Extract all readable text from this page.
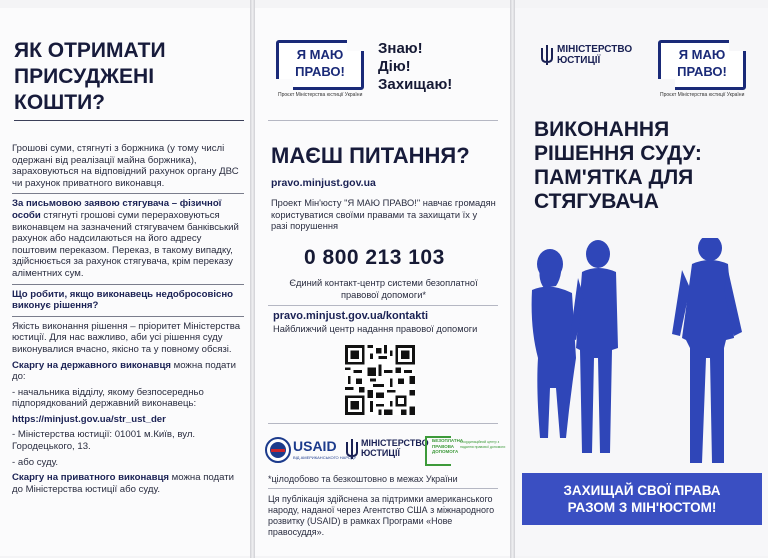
ЯК ОТРИМАТИ ПРИСУДЖЕНІ КОШТИ?

Грошові суми, стягнуті з боржника (у тому числі одержані від реалізації майна боржника), зараховуються на відповідний рахунок органу ДВС чи рахунок приватного виконавця.

За письмовою заявою стягувача – фізичної особи стягнуті грошові суми перераховуються виконавцем на зазначений стягувачем банківський рахунок або надсилаються на його адресу поштовим переказом. Переказ, в такому випадку, здійснюється за рахунок стягувача, крім переказу аліментних сум.

Що робити, якщо виконавець недобросовісно виконує рішення?

Якість виконання рішення – пріоритет Міністерства юстиції. Для нас важливо, аби усі рішення суду виконувалися вчасно, якісно та у повному обсязі.

Скаргу на державного виконавця можна подати до:

- начальника відділу, якому безпосередньо підпорядкований державний виконавець:

https://minjust.gov.ua/str_ust_der

- Міністерства юстиції: 01001 м.Київ, вул. Городецького, 13.

- або суду.

Скаргу на приватного виконавця можна подати до Міністерства юстиції або суду.

Я МАЮ
ПРАВО!
Проєкт Міністерства юстиції України
Знаю!
Дію!
Захищаю!
МАЄШ ПИТАННЯ?
pravo.minjust.gov.ua
Проект Мін'юсту "Я МАЮ ПРАВО!" навчає громадян користуватися своїми правами та захищати їх у разі порушення
0 800 213 103
Єдиний контакт-центр системи безоплатної правової допомоги*
pravo.minjust.gov.ua/kontakti
Найближчий центр надання правової допомоги
USAID
ВІД АМЕРИКАНСЬКОГО НАРОДУ
МІНІСТЕРСТВО
ЮСТИЦІЇ
БЕЗОПЛАТНА
ПРАВОВА
ДОПОМОГА
Координаційний центр з надання правової допомоги
*цілодобово та безкоштовно в межах України
Ця публікація здійснена за підтримки американського народу, наданої через Агентство США з міжнародного розвитку (USAID) в рамках Програми «Нове правосуддя».
МІНІСТЕРСТВО
ЮСТИЦІЇ	Я МАЮ
ПРАВО!
Проєкт Міністерства юстиції України
ВИКОНАННЯ РІШЕННЯ СУДУ: ПАМ'ЯТКА ДЛЯ СТЯГУВАЧА
ЗАХИЩАЙ СВОЇ ПРАВА
РАЗОМ З МІН'ЮСТОМ!
